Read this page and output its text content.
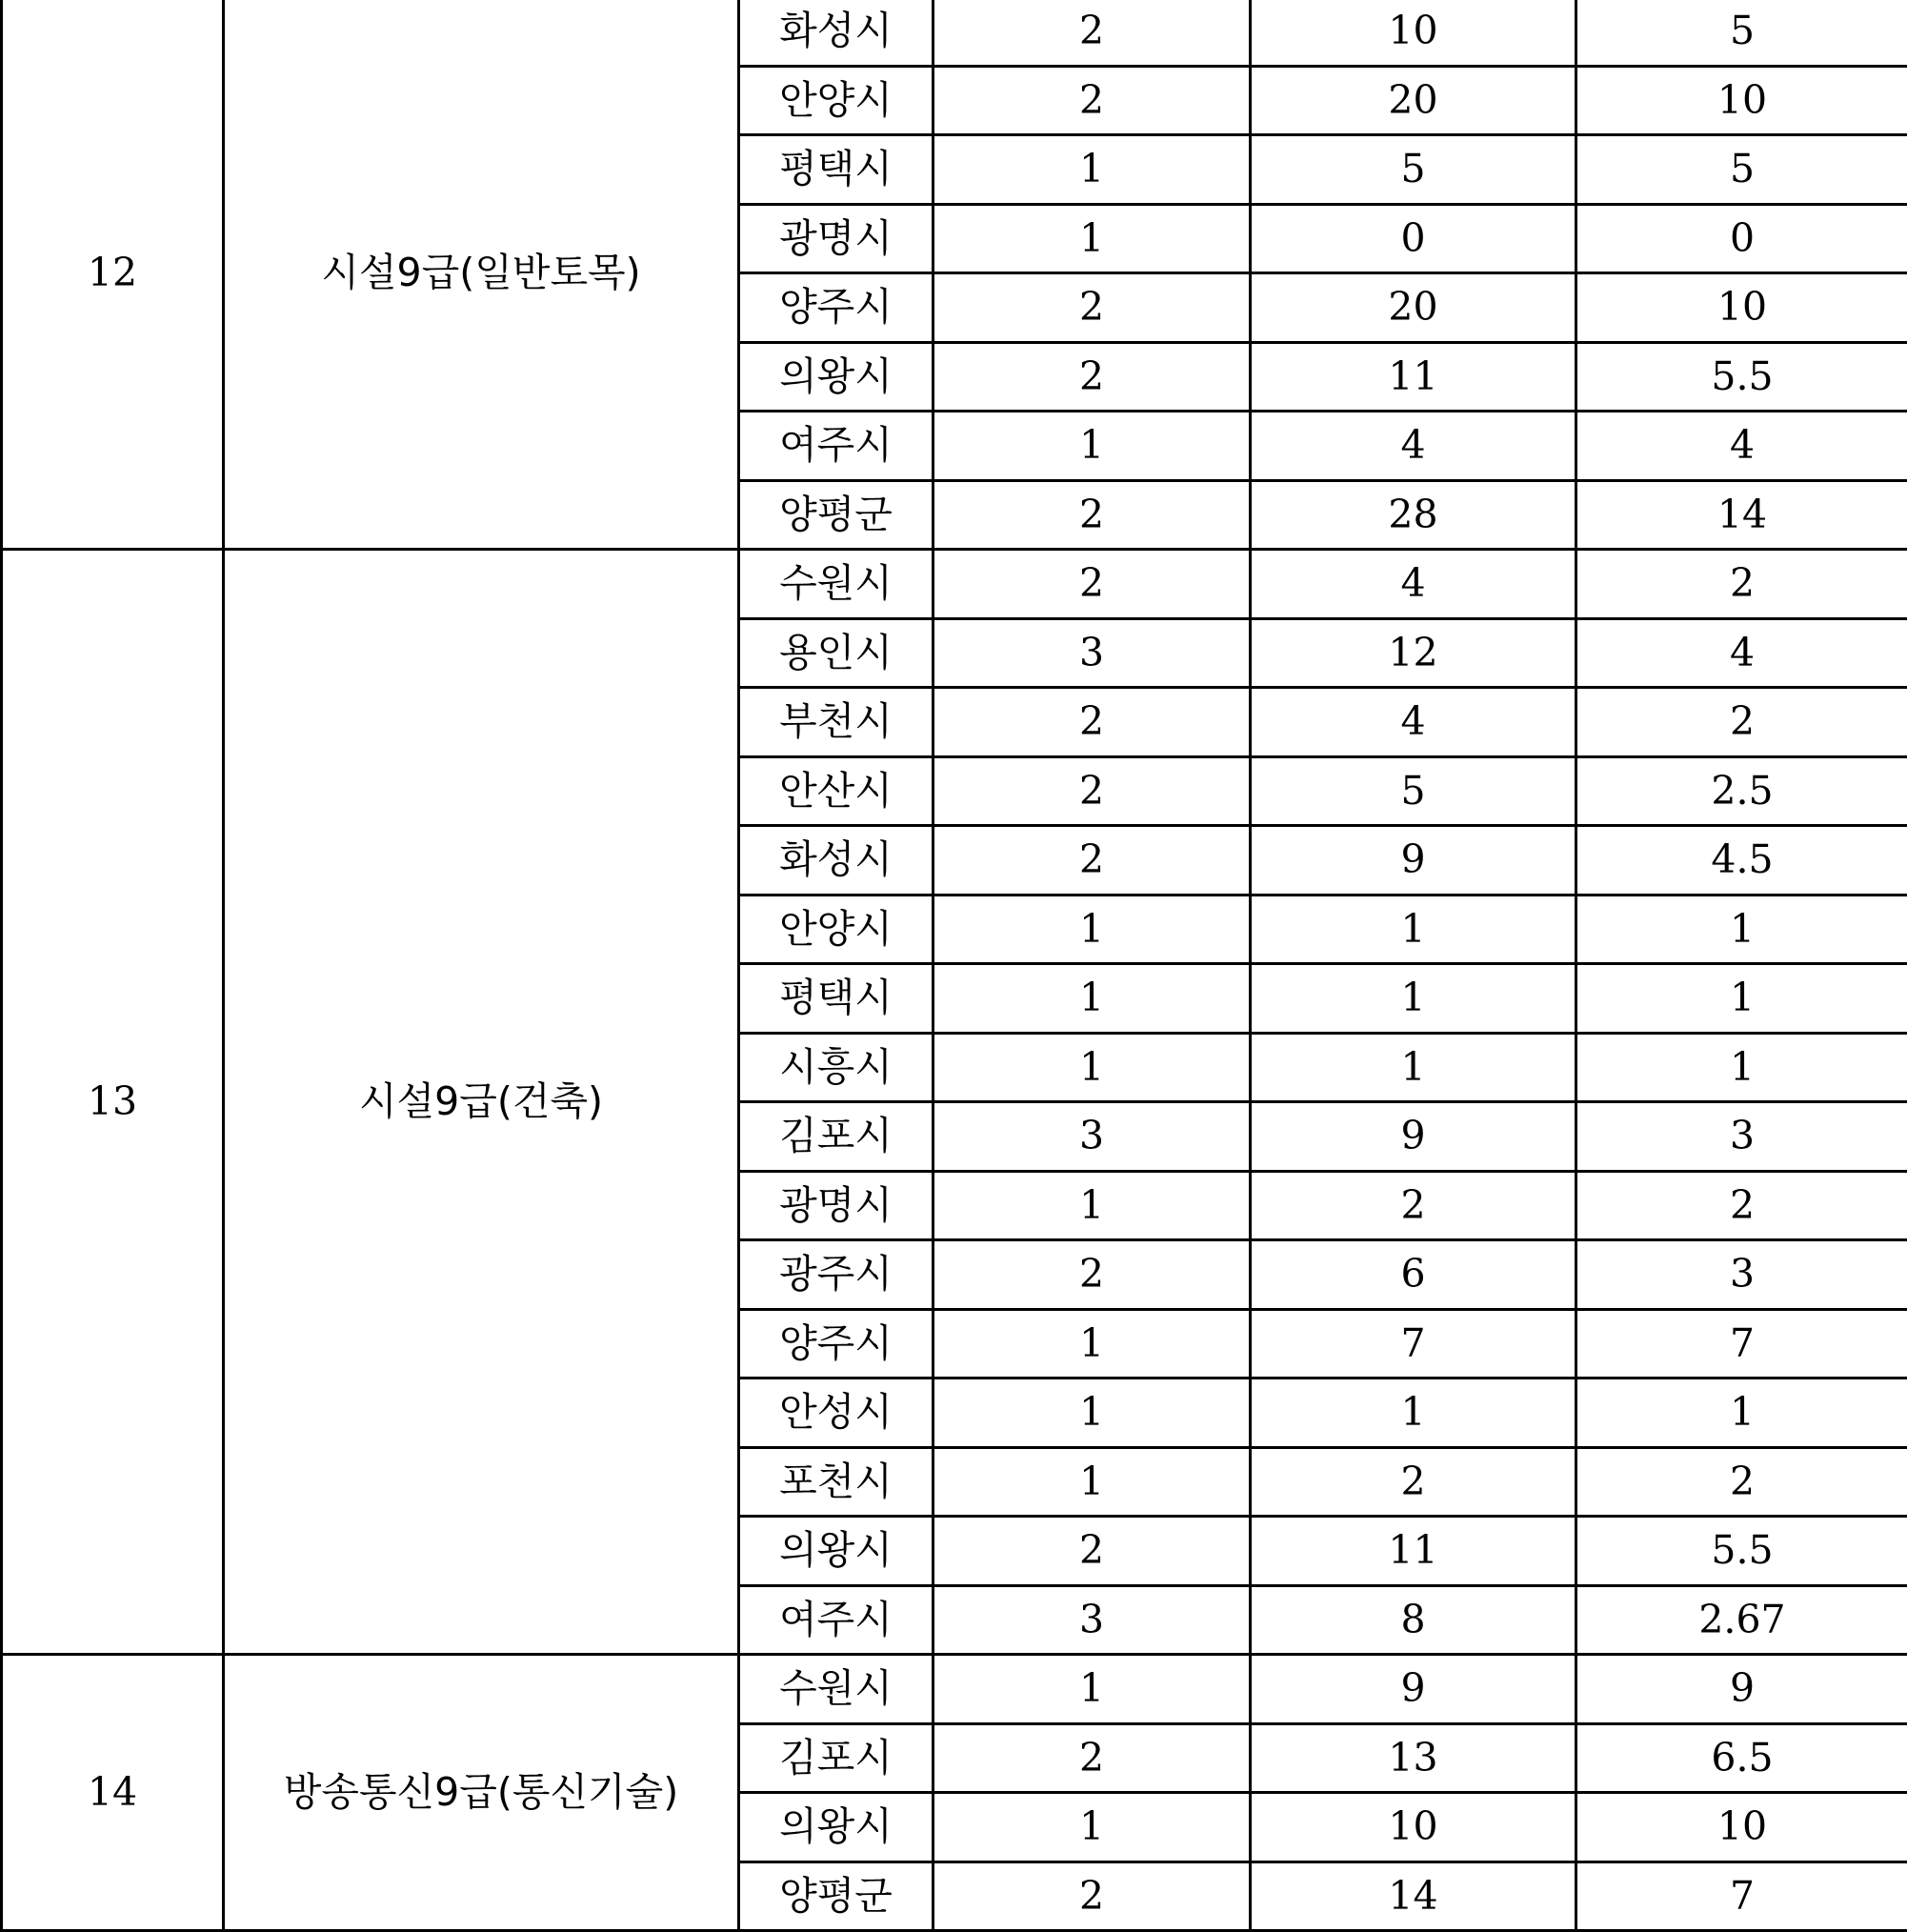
12	시설9급(일반토목)	화성시	2	10	5
		안양시	2	20	10
		평택시	1	5	5
		광명시	1	0	0
		양주시	2	20	10
		의왕시	2	11	5.5
		여주시	1	4	4
		양평군	2	28	14
13	시설9급(건축)	수원시	2	4	2
		용인시	3	12	4
		부천시	2	4	2
		안산시	2	5	2.5
		화성시	2	9	4.5
		안양시	1	1	1
		평택시	1	1	1
		시흥시	1	1	1
		김포시	3	9	3
		광명시	1	2	2
		광주시	2	6	3
		양주시	1	7	7
		안성시	1	1	1
		포천시	1	2	2
		의왕시	2	11	5.5
		여주시	3	8	2.67
14	방송통신9급(통신기술)	수원시	1	9	9
		김포시	2	13	6.5
		의왕시	1	10	10
		양평군	2	14	7
